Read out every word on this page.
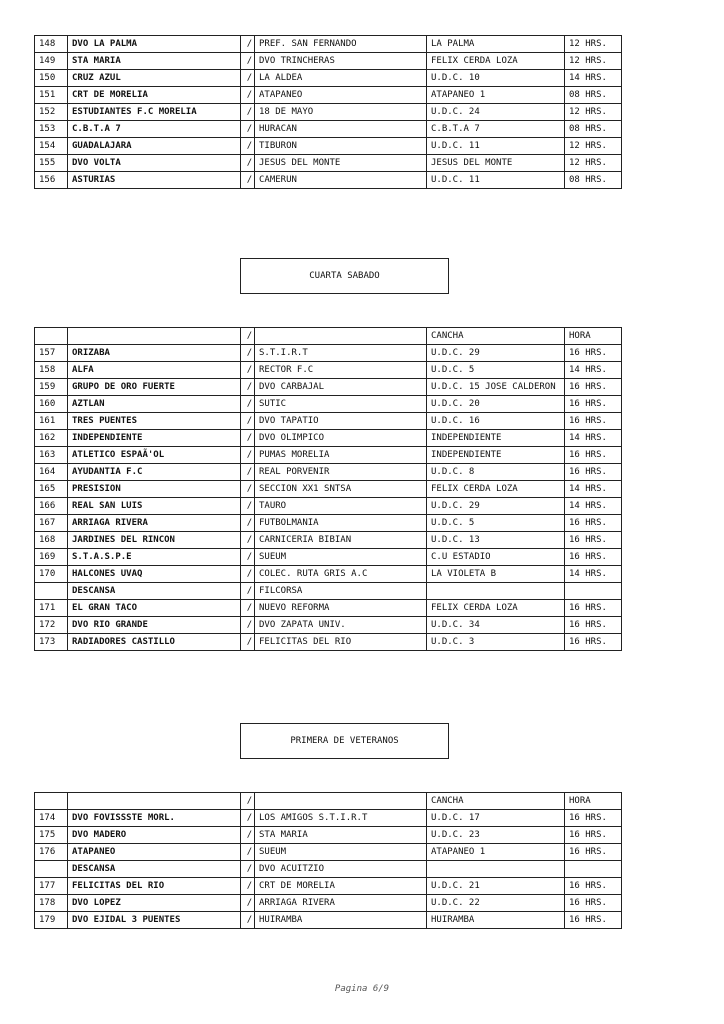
148	DVO LA PALMA	/	PREF. SAN FERNANDO	LA PALMA	12 HRS.
149	STA MARIA	/	DVO TRINCHERAS	FELIX CERDA LOZA	12 HRS.
150	CRUZ AZUL	/	LA ALDEA	U.D.C. 10	14 HRS.
151	CRT DE MORELIA	/	ATAPANEO	ATAPANEO 1	08 HRS.
152	ESTUDIANTES F.C MORELIA	/	18 DE MAYO	U.D.C. 24	12 HRS.
153	C.B.T.A 7	/	HURACAN	C.B.T.A 7	08 HRS.
154	GUADALAJARA	/	TIBURON	U.D.C. 11	12 HRS.
155	DVO VOLTA	/	JESUS DEL MONTE	JESUS DEL MONTE	12 HRS.
156	ASTURIAS	/	CAMERUN	U.D.C. 11	08 HRS.
CUARTA SABADO
		/		CANCHA	HORA
157	ORIZABA	/	S.T.I.R.T	U.D.C. 29	16 HRS.
158	ALFA	/	RECTOR F.C	U.D.C. 5	14 HRS.
159	GRUPO DE ORO FUERTE	/	DVO CARBAJAL	U.D.C. 15 JOSE CALDERON	16 HRS.
160	AZTLAN	/	SUTIC	U.D.C. 20	16 HRS.
161	TRES PUENTES	/	DVO TAPATIO	U.D.C. 16	16 HRS.
162	INDEPENDIENTE	/	DVO OLIMPICO	INDEPENDIENTE	14 HRS.
163	ATLETICO ESPAÃ'OL	/	PUMAS MORELIA	INDEPENDIENTE	16 HRS.
164	AYUDANTIA F.C	/	REAL PORVENIR	U.D.C. 8	16 HRS.
165	PRESISION	/	SECCION XX1 SNTSA	FELIX CERDA LOZA	14 HRS.
166	REAL SAN LUIS	/	TAURO	U.D.C. 29	14 HRS.
167	ARRIAGA RIVERA	/	FUTBOLMANIA	U.D.C. 5	16 HRS.
168	JARDINES DEL RINCON	/	CARNICERIA BIBIAN	U.D.C. 13	16 HRS.
169	S.T.A.S.P.E	/	SUEUM	C.U ESTADIO	16 HRS.
170	HALCONES UVAQ	/	COLEC. RUTA GRIS A.C	LA VIOLETA B	14 HRS.
	DESCANSA	/	FILCORSA		
171	EL GRAN TACO	/	NUEVO REFORMA	FELIX CERDA LOZA	16 HRS.
172	DVO RIO GRANDE	/	DVO ZAPATA UNIV.	U.D.C. 34	16 HRS.
173	RADIADORES CASTILLO	/	FELICITAS DEL RIO	U.D.C. 3	16 HRS.
PRIMERA DE VETERANOS
		/		CANCHA	HORA
174	DVO FOVISSSTE MORL.	/	LOS AMIGOS S.T.I.R.T	U.D.C. 17	16 HRS.
175	DVO MADERO	/	STA MARIA	U.D.C. 23	16 HRS.
176	ATAPANEO	/	SUEUM	ATAPANEO 1	16 HRS.
	DESCANSA	/	DVO ACUITZIO		
177	FELICITAS DEL RIO	/	CRT DE MORELIA	U.D.C. 21	16 HRS.
178	DVO LOPEZ	/	ARRIAGA RIVERA	U.D.C. 22	16 HRS.
179	DVO EJIDAL 3 PUENTES	/	HUIRAMBA	HUIRAMBA	16 HRS.
Pagina 6/9
